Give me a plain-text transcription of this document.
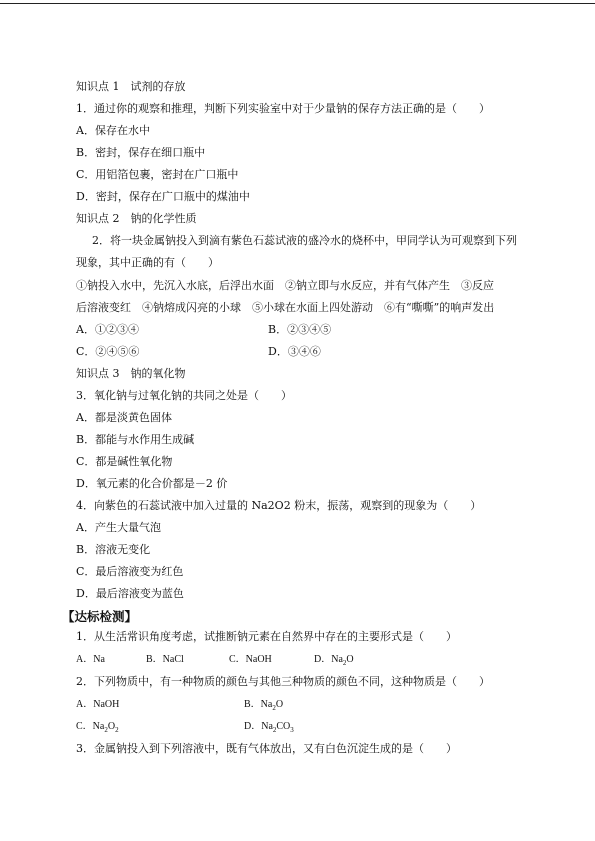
知识点 1　试剂的存放
1．通过你的观察和推理，判断下列实验室中对于少量钠的保存方法正确的是（　　）
A．保存在水中
B．密封，保存在细口瓶中
C．用铝箔包裹，密封在广口瓶中
D．密封，保存在广口瓶中的煤油中
知识点 2　钠的化学性质
2．将一块金属钠投入到滴有紫色石蕊试液的盛冷水的烧杯中，甲同学认为可观察到下列
现象，其中正确的有（　　）
①钠投入水中，先沉入水底，后浮出水面　②钠立即与水反应，并有气体产生　③反应
后溶液变红　④钠熔成闪亮的小球　⑤小球在水面上四处游动　⑥有“嘶嘶”的响声发出
A．①②③④	B．②③④⑤
C．②④⑤⑥	D．③④⑥
知识点 3　钠的氧化物
3．氧化钠与过氧化钠的共同之处是（　　）
A．都是淡黄色固体
B．都能与水作用生成碱
C．都是碱性氧化物
D．氧元素的化合价都是－2 价
4．向紫色的石蕊试液中加入过量的 Na2O2 粉末，振荡，观察到的现象为（　　）
A．产生大量气泡
B．溶液无变化
C．最后溶液变为红色
D．最后溶液变为蓝色
【达标检测】
1．从生活常识角度考虑，试推断钠元素在自然界中存在的主要形式是（　　）
A．Na	B．NaCl	C．NaOH	D．$Na_2O$
2．下列物质中，有一种物质的颜色与其他三种物质的颜色不同，这种物质是（　　）
A．NaOH	B．$Na_2O$
C．$Na_2O_2$	D．$Na_2CO_3$
3．金属钠投入到下列溶液中，既有气体放出，又有白色沉淀生成的是（　　）
